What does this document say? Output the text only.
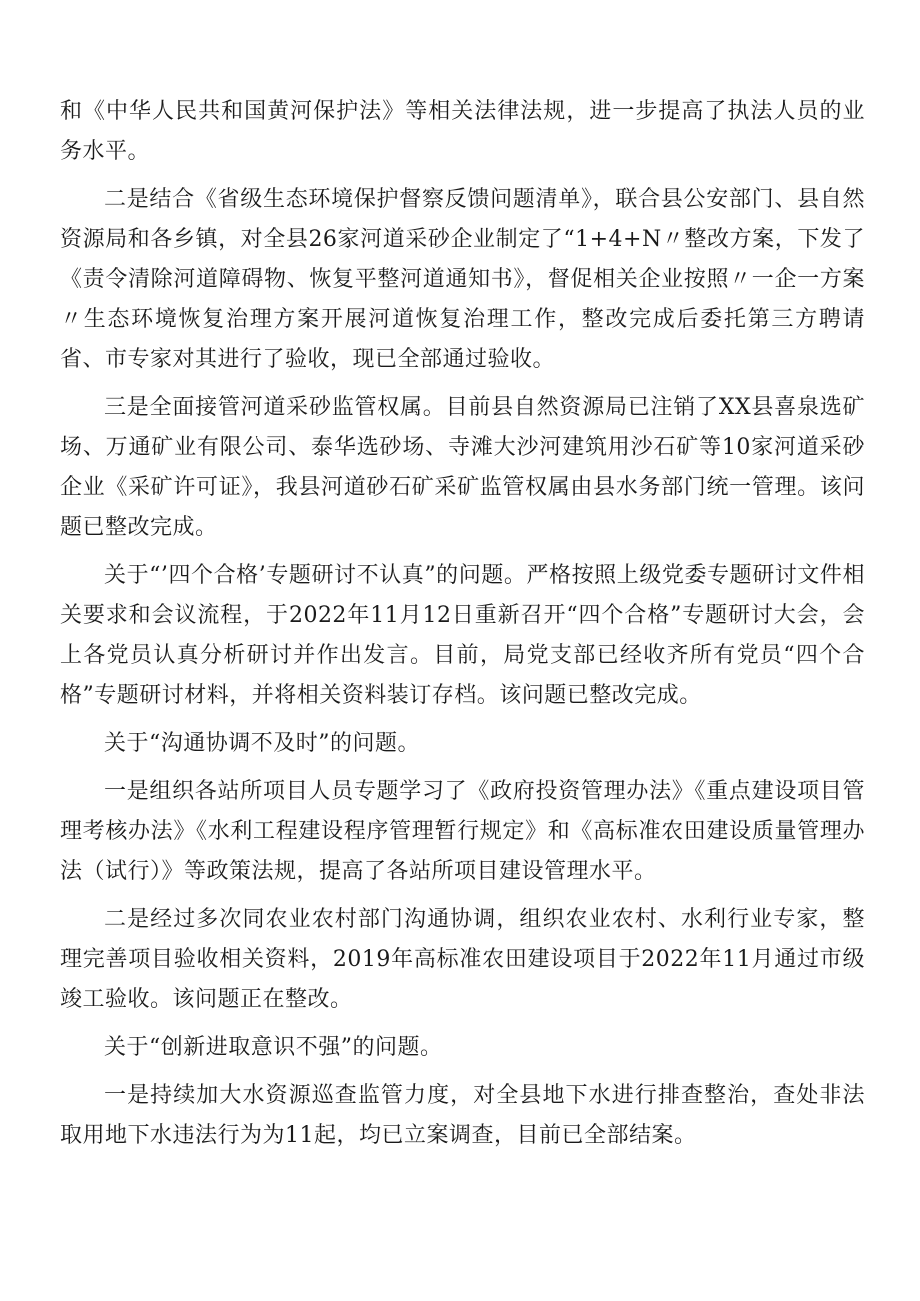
和《中华人民共和国黄河保护法》等相关法律法规，进一步提高了执法人员的业务水平。

二是结合《省级生态环境保护督察反馈问题清单》，联合县公安部门、县自然资源局和各乡镇，对全县26家河道采砂企业制定了“1+4+N〃整改方案，下发了《责令清除河道障碍物、恢复平整河道通知书》，督促相关企业按照〃一企一方案〃生态环境恢复治理方案开展河道恢复治理工作，整改完成后委托第三方聘请省、市专家对其进行了验收，现已全部通过验收。

三是全面接管河道采砂监管权属。目前县自然资源局已注销了XX县喜泉选矿场、万通矿业有限公司、泰华选砂场、寺滩大沙河建筑用沙石矿等10家河道采砂企业《采矿许可证》，我县河道砂石矿采矿监管权属由县水务部门统一管理。该问题已整改完成。

关于“’四个合格’专题研讨不认真”的问题。严格按照上级党委专题研讨文件相关要求和会议流程，于2022年11月12日重新召开“四个合格”专题研讨大会，会上各党员认真分析研讨并作出发言。目前，局党支部已经收齐所有党员“四个合格”专题研讨材料，并将相关资料装订存档。该问题已整改完成。

关于“沟通协调不及时”的问题。

一是组织各站所项目人员专题学习了《政府投资管理办法》《重点建设项目管理考核办法》《水利工程建设程序管理暂行规定》和《高标准农田建设质量管理办法（试行）》等政策法规，提高了各站所项目建设管理水平。

二是经过多次同农业农村部门沟通协调，组织农业农村、水利行业专家，整理完善项目验收相关资料，2019年高标准农田建设项目于2022年11月通过市级竣工验收。该问题正在整改。

关于“创新进取意识不强”的问题。

一是持续加大水资源巡查监管力度，对全县地下水进行排查整治，查处非法取用地下水违法行为为11起，均已立案调查，目前已全部结案。
